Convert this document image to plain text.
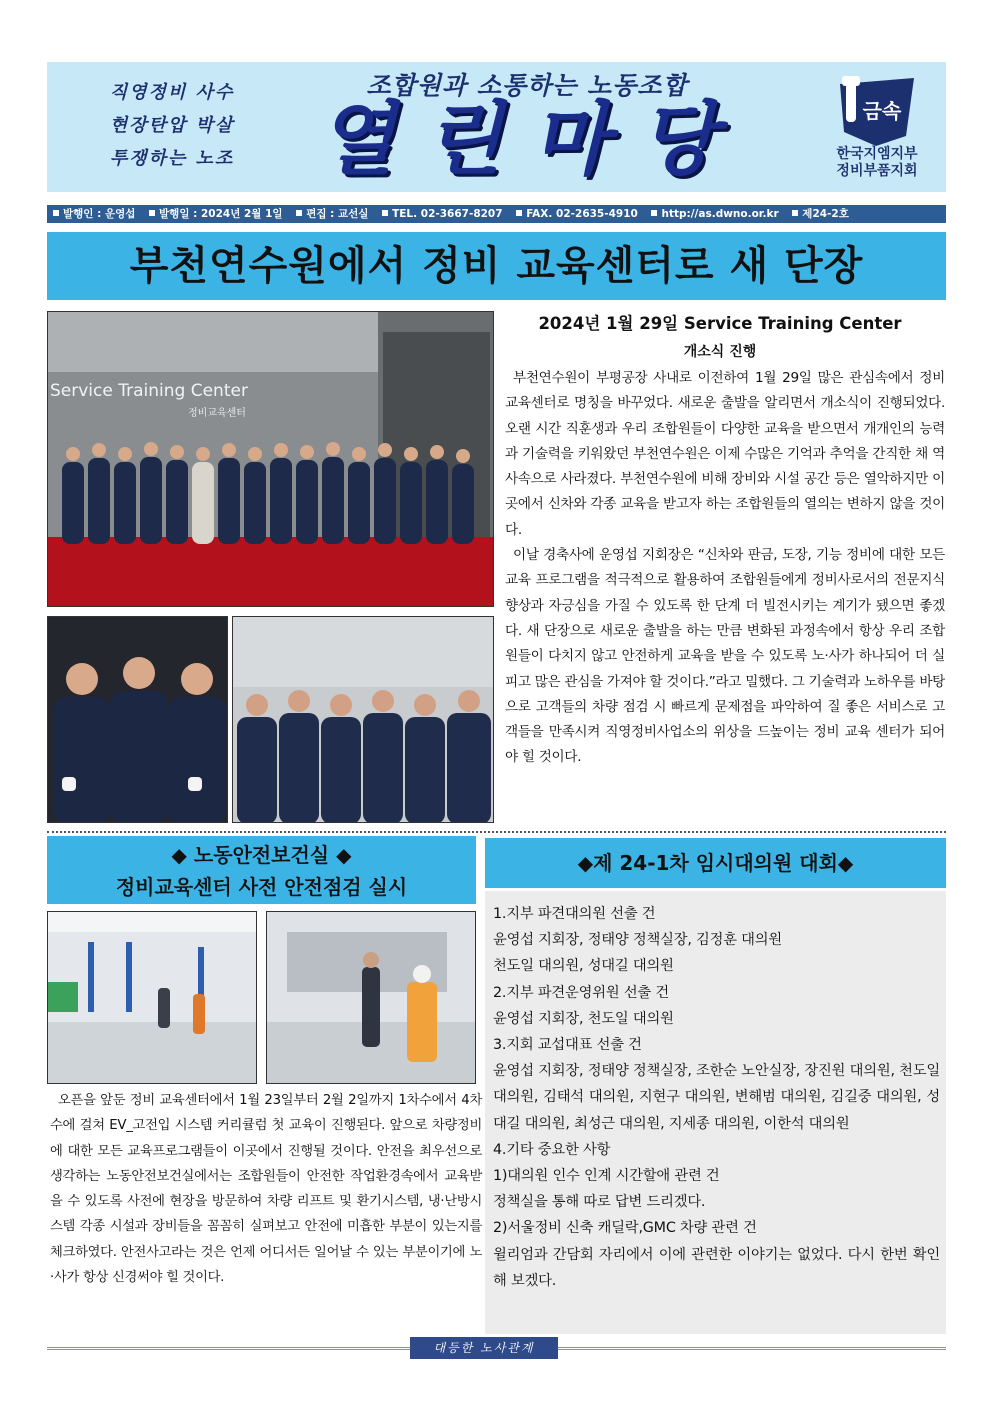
직영정비 사수
현장탄압 박살
투쟁하는 노조
조합원과 소통하는 노동조합
열린마당	금속
한국지엠지부
정비부품지회
발행인 : 운영섭 발행일 : 2024년 2월 1일 편집 : 교선실 TEL. 02-3667-8207 FAX. 02-2635-4910 http://as.dwno.or.kr 제24-2호
부천연수원에서 정비 교육센터로 새 단장
Service Training Center
정비교육센터
2024년 1월 29일 Service Training Center
개소식 진행

부천연수원이 부평공장 사내로 이전하여 1월 29일 많은 관심속에서 정비 교육센터로 명칭을 바꾸었다. 새로운 출발을 알리면서 개소식이 진행되었다. 오랜 시간 직훈생과 우리 조합원들이 다양한 교육을 받으면서 개개인의 능력과 기술력을 키워왔던 부천연수원은 이제 수많은 기억과 추억을 간직한 채 역사속으로 사라졌다. 부천연수원에 비해 장비와 시설 공간 등은 열악하지만 이곳에서 신차와 각종 교육을 받고자 하는 조합원들의 열의는 변하지 않을 것이다.

이날 경축사에 운영섭 지회장은 “신차와 판금, 도장, 기능 정비에 대한 모든 교육 프로그램을 적극적으로 활용하여 조합원들에게 정비사로서의 전문지식향상과 자긍심을 가질 수 있도록 한 단계 더 빌전시키는 계기가 됐으면 좋겠다. 새 단장으로 새로운 출발을 하는 만큼 변화된 과정속에서 항상 우리 조합원들이 다치지 않고 안전하게 교육을 받을 수 있도록 노·사가 하나되어 더 실피고 많은 관심을 가져야 할 것이다.”라고 밀했다. 그 기술력과 노하우를 바탕으로 고객들의 차량 점검 시 빠르게 문제점을 파악하여 질 좋은 서비스로 고객들을 만족시켜 직영정비사업소의 위상을 드높이는 정비 교육 센터가 되어야 힐 것이다.

◆ 노동안전보건실 ◆
정비교육센터 사전 안전점검 실시

오픈을 앞둔 정비 교육센터에서 1월 23일부터 2월 2일까지 1차수에서 4차수에 걸쳐 EV_고전입 시스템 커리큘럼 첫 교육이 진행된다. 앞으로 차량정비에 대한 모든 교육프로그램들이 이곳에서 진행될 것이다. 안전을 최우선으로 생각하는 노동안전보건실에서는 조합원들이 안전한 작업환경속에서 교육받을 수 있도록 사전에 현장을 방문하여 차량 리프트 및 환기시스템, 냉·난방시스템 각종 시설과 장비들을 꼼꼼히 실펴보고 안전에 미흡한 부분이 있는지를 체크하였다. 안전사고라는 것은 언제 어디서든 일어날 수 있는 부분이기에 노·사가 항상 신경써야 힐 것이다.

◆제 24-1차 임시대의원 대회◆
1.지부 파견대의원 선출 건
윤영섭 지회장, 정태양 정책실장, 김정훈 대의원
천도일 대의원, 성대길 대의원
2.지부 파견운영위원 선출 건
윤영섭 지회장, 천도일 대의원
3.지회 교섭대표 선출 건
윤영섭 지회장, 정태양 정책실장, 조한순 노안실장, 장진원 대의원, 천도일 대의원, 김태석 대의원, 지현구 대의원, 변해범 대의원, 김길중 대의원, 성대길 대의원, 최성근 대의원, 지세종 대의원, 이한석 대의원
4.기타 중요한 사항
1)대의원 인수 인계 시간할애 관련 건
정책실을 통해 따로 답변 드리겠다.
2)서울정비 신축 캐딜락,GMC 차량 관련 건
윌리엄과 간담회 자리에서 이에 관련한 이야기는 없었다. 다시 한번 확인해 보겠다.
대등한 노사관계
